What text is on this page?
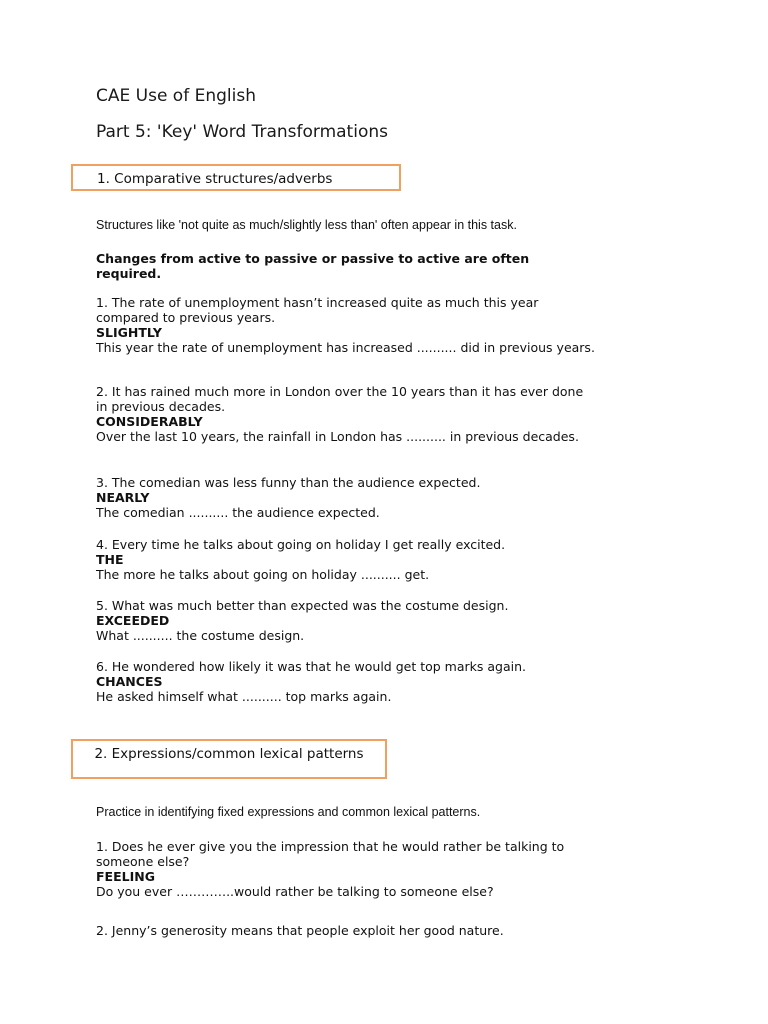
CAE Use of English
Part 5: 'Key' Word Transformations
1. Comparative structures/adverbs

Structures like 'not quite as much/slightly less than' often appear in this task.

Changes from active to passive or passive to active are often required.

1. The rate of unemployment hasn’t increased quite as much this year compared to previous years.
SLIGHTLY
This year the rate of unemployment has increased .......... did in previous years.
2. It has rained much more in London over the 10 years than it has ever done in previous decades.
CONSIDERABLY
Over the last 10 years, the rainfall in London has .......... in previous decades.
3. The comedian was less funny than the audience expected.
NEARLY
The comedian .......... the audience expected.
4. Every time he talks about going on holiday I get really excited.
THE
The more he talks about going on holiday .......... get.
5. What was much better than expected was the costume design.
EXCEEDED
What .......... the costume design.
6. He wondered how likely it was that he would get top marks again.
CHANCES
He asked himself what .......... top marks again.
2. Expressions/common lexical patterns

Practice in identifying fixed expressions and common lexical patterns.

1. Does he ever give you the impression that he would rather be talking to someone else?
FEELING
Do you ever …………..would rather be talking to someone else?
2. Jenny’s generosity means that people exploit her good nature.
